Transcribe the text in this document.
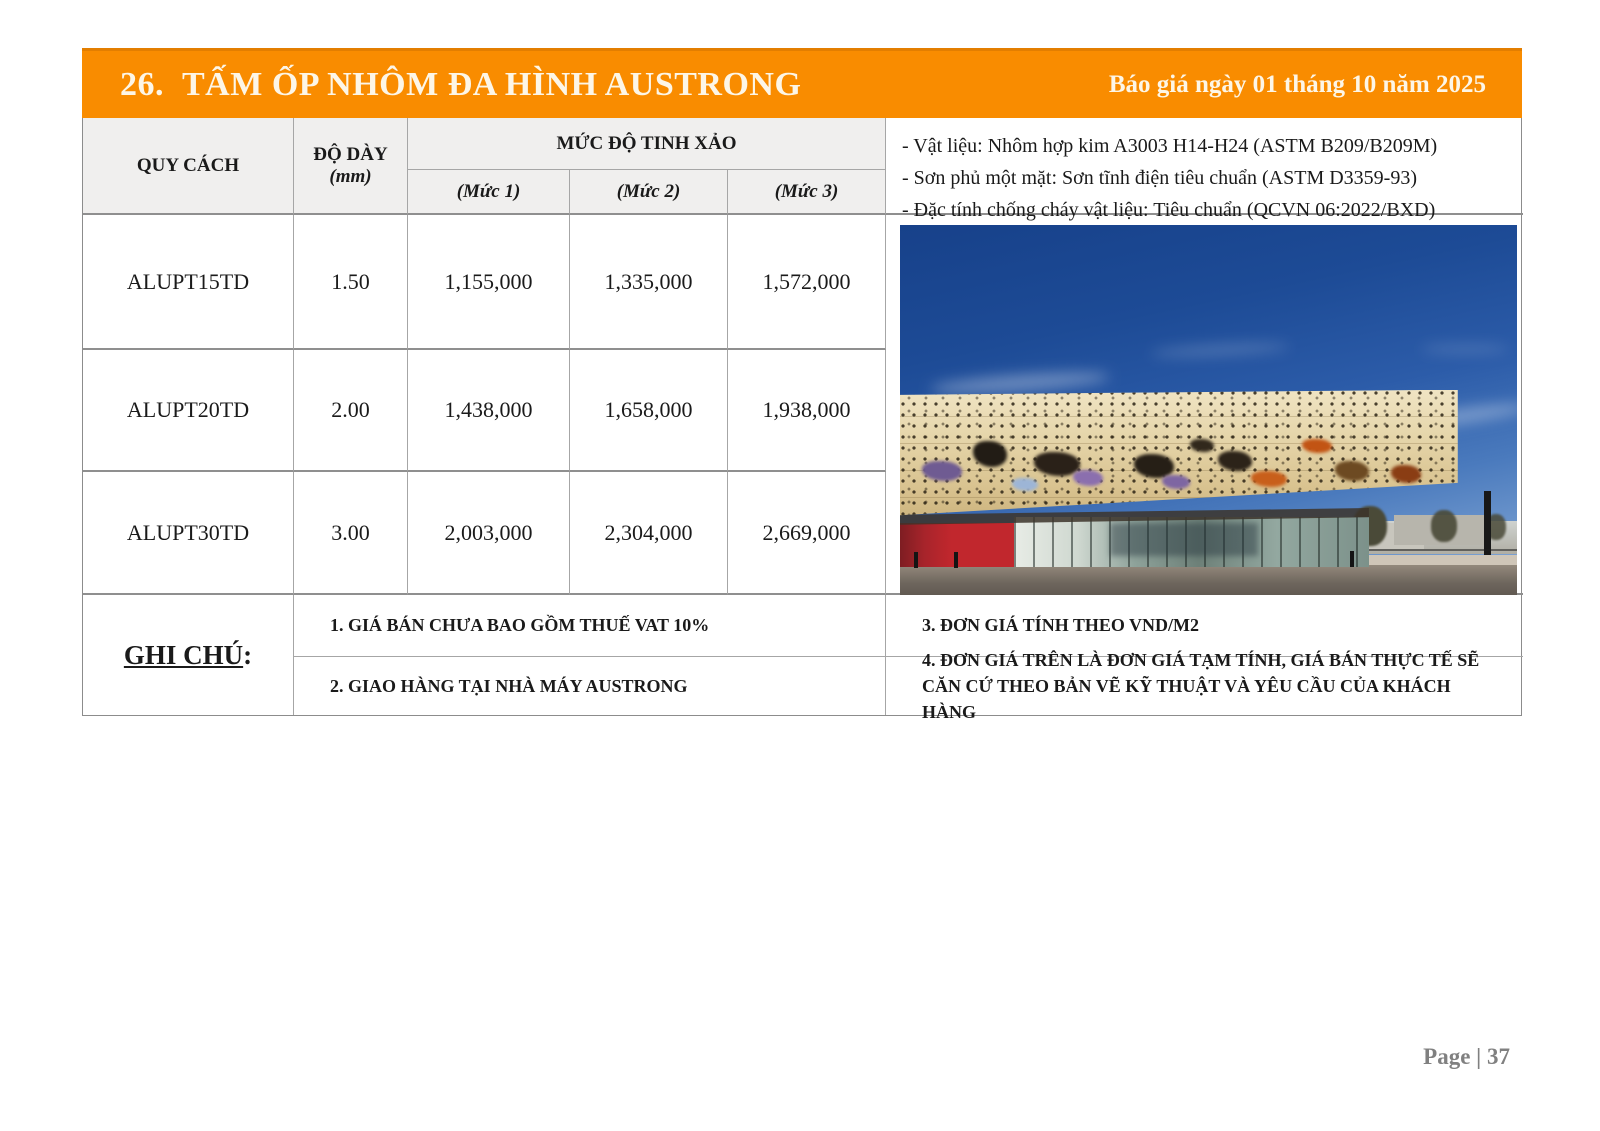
26. TẤM ỐP NHÔM ĐA HÌNH AUSTRONG	Báo giá ngày 01 tháng 10 năm 2025
QUY CÁCH
ĐỘ DÀY
(mm)
MỨC ĐỘ TINH XẢO
(Mức 1)	(Mức 2)	(Mức 3)
- Vật liệu: Nhôm hợp kim A3003 H14-H24 (ASTM B209/B209M)
- Sơn phủ một mặt: Sơn tĩnh điện tiêu chuẩn (ASTM D3359-93)
- Đặc tính chống cháy vật liệu: Tiêu chuẩn (QCVN 06:2022/BXD)
ALUPT15TD	1.50	1,155,000	1,335,000	1,572,000
ALUPT20TD	2.00	1,438,000	1,658,000	1,938,000
ALUPT30TD	3.00	2,003,000	2,304,000	2,669,000
GHI CHÚ :
1. GIÁ BÁN CHƯA BAO GỒM THUẾ VAT 10%
2. GIAO HÀNG TẠI NHÀ MÁY AUSTRONG
3. ĐƠN GIÁ TÍNH THEO VND/M2
4. ĐƠN GIÁ TRÊN LÀ ĐƠN GIÁ TẠM TÍNH, GIÁ BÁN THỰC TẾ SẼ CĂN CỨ THEO BẢN VẼ KỸ THUẬT VÀ YÊU CẦU CỦA KHÁCH HÀNG
Page | 37
